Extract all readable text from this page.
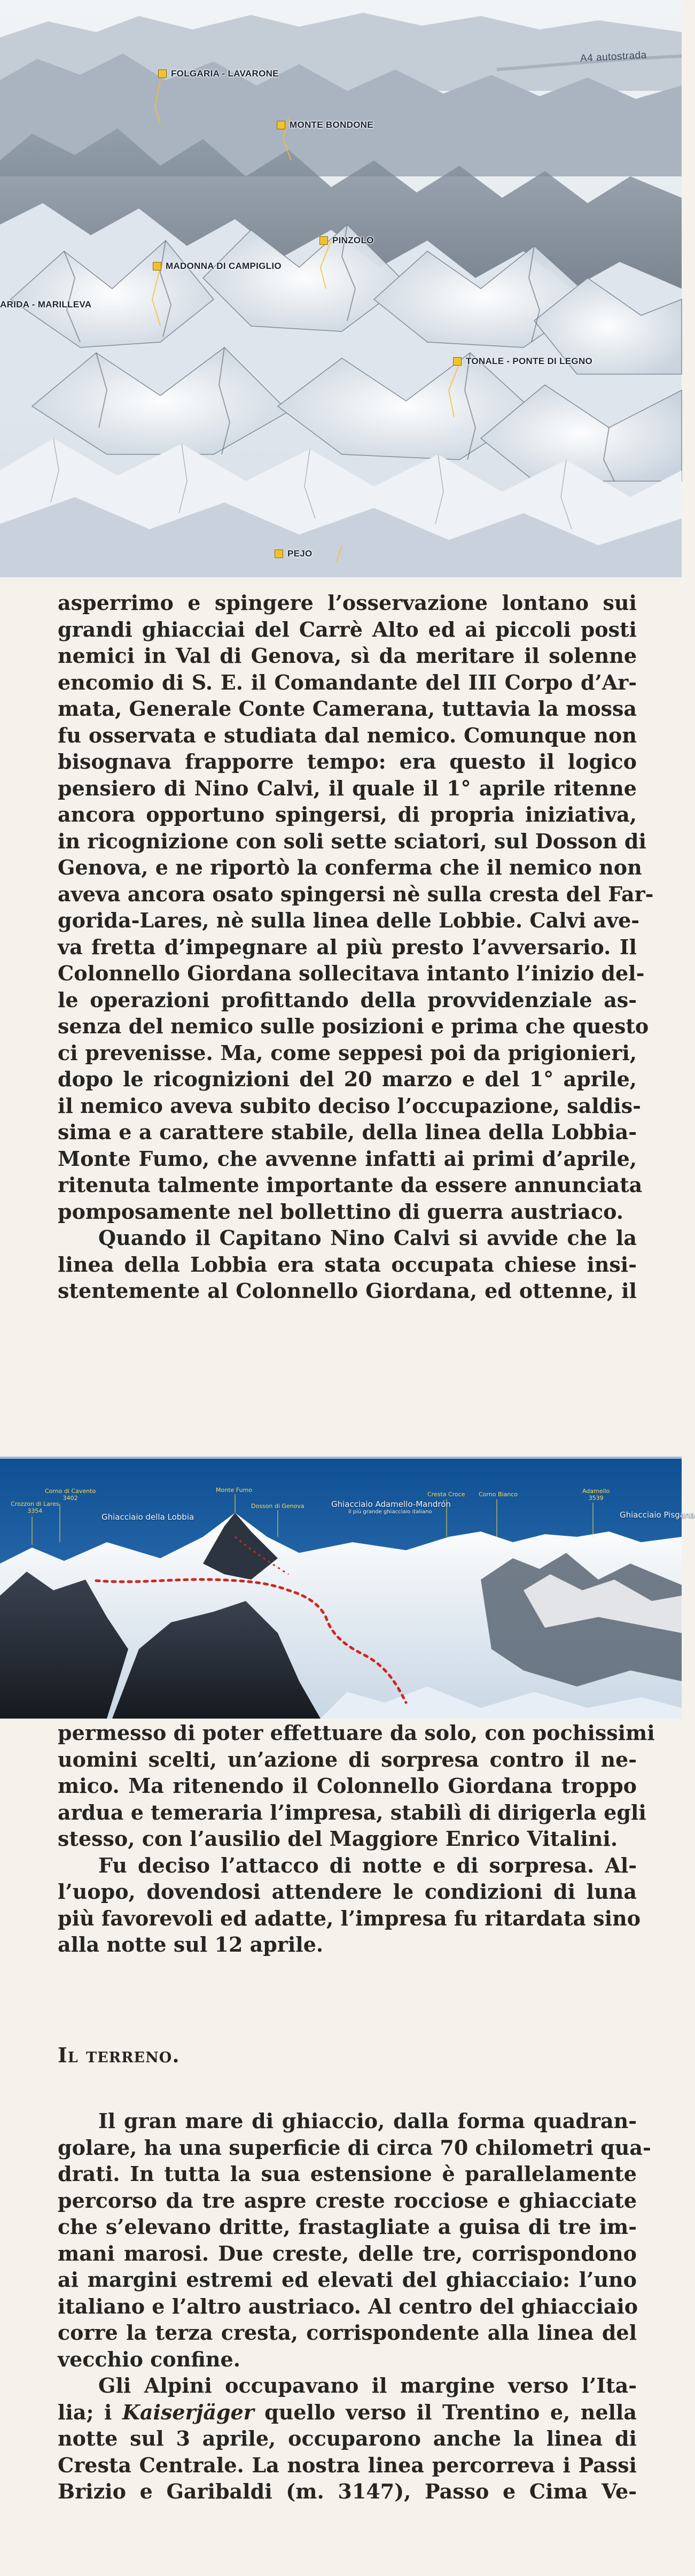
A4 autostrada
FOLGARIA - LAVARONE
MONTE BONDONE
PINZOLO
MADONNA DI CAMPIGLIO
ARIDA - MARILLEVA
TONALE - PONTE DI LEGNO
PEJO

asperrimo e spingere l’osservazione lontano sui
grandi ghiacciai del Carrè Alto ed ai piccoli posti
nemici in Val di Genova, sì da meritare il solenne
encomio di S. E. il Comandante del III Corpo d’Ar-
mata, Generale Conte Camerana, tuttavia la mossa
fu osservata e studiata dal nemico. Comunque non
bisognava frapporre tempo: era questo il logico
pensiero di Nino Calvi, il quale il 1° aprile ritenne
ancora opportuno spingersi, di propria iniziativa,
in ricognizione con soli sette sciatori, sul Dosson di
Genova, e ne riportò la conferma che il nemico non
aveva ancora osato spingersi nè sulla cresta del Far-
gorida-Lares, nè sulla linea delle Lobbie. Calvi ave-
va fretta d’impegnare al più presto l’avversario. Il
Colonnello Giordana sollecitava intanto l’inizio del-
le operazioni profittando della provvidenziale as-
senza del nemico sulle posizioni e prima che questo
ci prevenisse. Ma, come seppesi poi da prigionieri,
dopo le ricognizioni del 20 marzo e del 1° aprile,
il nemico aveva subito deciso l’occupazione, saldis-
sima e a carattere stabile, della linea della Lobbia-
Monte Fumo, che avvenne infatti ai primi d’aprile,
ritenuta talmente importante da essere annunciata
pomposamente nel bollettino di guerra austriaco.

Quando il Capitano Nino Calvi si avvide che la
linea della Lobbia era stata occupata chiese insi-
stentemente al Colonnello Giordana, ed ottenne, il

Ghiacciaio della Lobbia
Ghiacciaio Adamello-Mandrón
il più grande ghiacciaio italiano	Ghiacciaio Pisgana
Crozzon di Lares
3354
Corno di Cavento
3402
Monte Fumo
Dosson di Genova
Cresta Croce Corno Bianco	Adamello
3539

permesso di poter effettuare da solo, con pochissimi
uomini scelti, un’azione di sorpresa contro il ne-
mico. Ma ritenendo il Colonnello Giordana troppo
ardua e temeraria l’impresa, stabilì di dirigerla egli
stesso, con l’ausilio del Maggiore Enrico Vitalini.

Fu deciso l’attacco di notte e di sorpresa. Al-
l’uopo, dovendosi attendere le condizioni di luna
più favorevoli ed adatte, l’impresa fu ritardata sino
alla notte sul 12 aprile.

Il terreno.

Il gran mare di ghiaccio, dalla forma quadran-
golare, ha una superficie di circa 70 chilometri qua-
drati. In tutta la sua estensione è parallelamente
percorso da tre aspre creste rocciose e ghiacciate
che s’elevano dritte, frastagliate a guisa di tre im-
mani marosi. Due creste, delle tre, corrispondono
ai margini estremi ed elevati del ghiacciaio: l’uno
italiano e l’altro austriaco. Al centro del ghiacciaio
corre la terza cresta, corrispondente alla linea del
vecchio confine.

Gli Alpini occupavano il margine verso l’Ita-
lia; i Kaiserjäger quello verso il Trentino e, nella
notte sul 3 aprile, occuparono anche la linea di
Cresta Centrale. La nostra linea percorreva i Passi
Brizio e Garibaldi (m. 3147), Passo e Cima Ve-
